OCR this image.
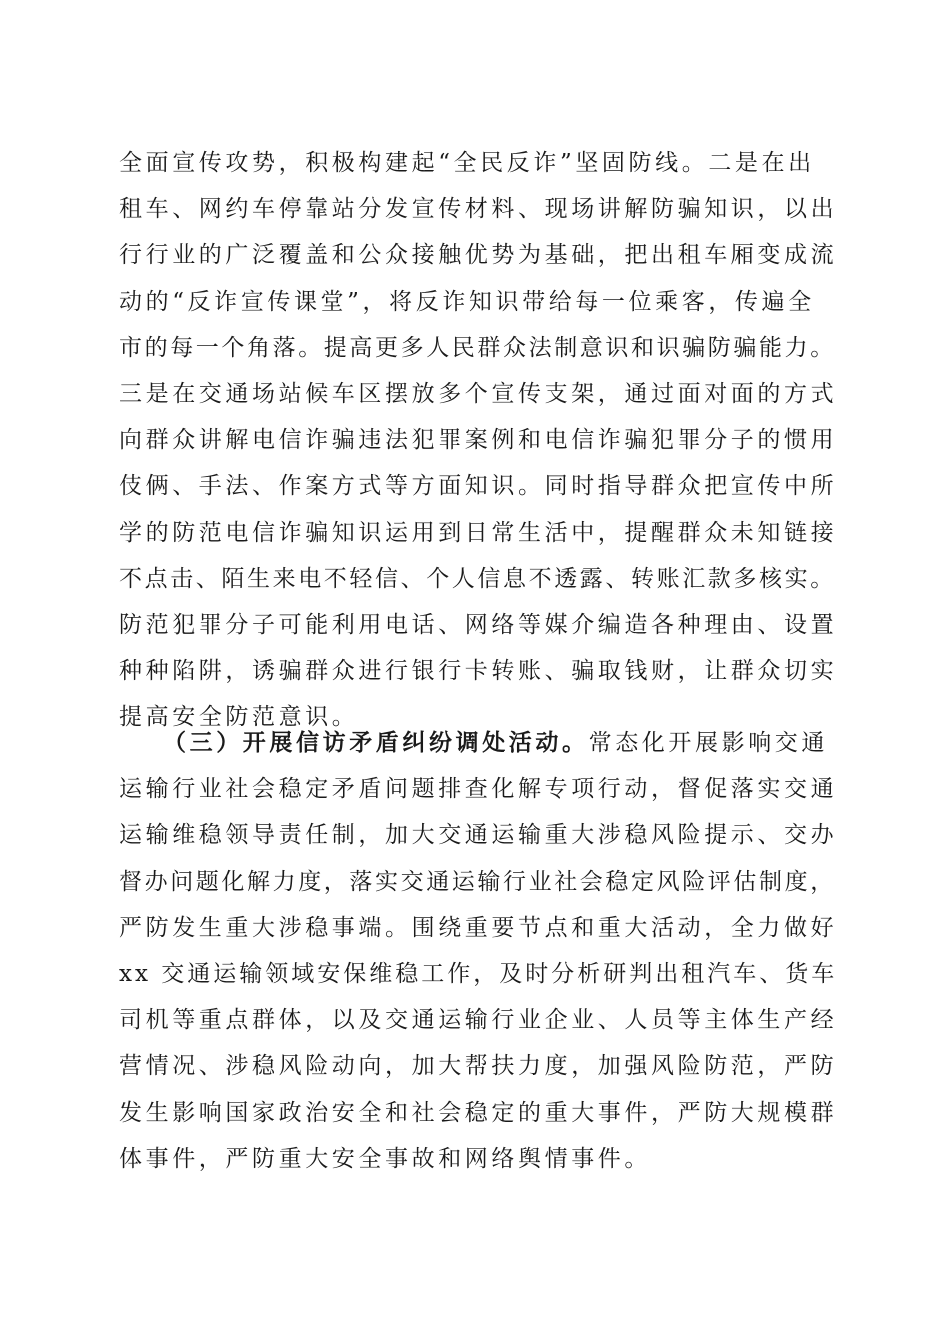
全面宣传攻势，积极构建起“全民反诈”坚固防线。二是在出
租车、网约车停靠站分发宣传材料、现场讲解防骗知识，以出
行行业的广泛覆盖和公众接触优势为基础，把出租车厢变成流
动的“反诈宣传课堂”，将反诈知识带给每一位乘客，传遍全
市的每一个角落。提高更多人民群众法制意识和识骗防骗能力。
三是在交通场站候车区摆放多个宣传支架，通过面对面的方式
向群众讲解电信诈骗违法犯罪案例和电信诈骗犯罪分子的惯用
伎俩、手法、作案方式等方面知识。同时指导群众把宣传中所
学的防范电信诈骗知识运用到日常生活中，提醒群众未知链接
不点击、陌生来电不轻信、个人信息不透露、转账汇款多核实。
防范犯罪分子可能利用电话、网络等媒介编造各种理由、设置
种种陷阱，诱骗群众进行银行卡转账、骗取钱财，让群众切实
提高安全防范意识。
（三）开展信访矛盾纠纷调处活动。常态化开展影响交通
运输行业社会稳定矛盾问题排查化解专项行动，督促落实交通
运输维稳领导责任制，加大交通运输重大涉稳风险提示、交办
督办问题化解力度，落实交通运输行业社会稳定风险评估制度，
严防发生重大涉稳事端。围绕重要节点和重大活动，全力做好
xx 交通运输领域安保维稳工作，及时分析研判出租汽车、货车
司机等重点群体，以及交通运输行业企业、人员等主体生产经
营情况、涉稳风险动向，加大帮扶力度，加强风险防范，严防
发生影响国家政治安全和社会稳定的重大事件，严防大规模群
体事件，严防重大安全事故和网络舆情事件。
